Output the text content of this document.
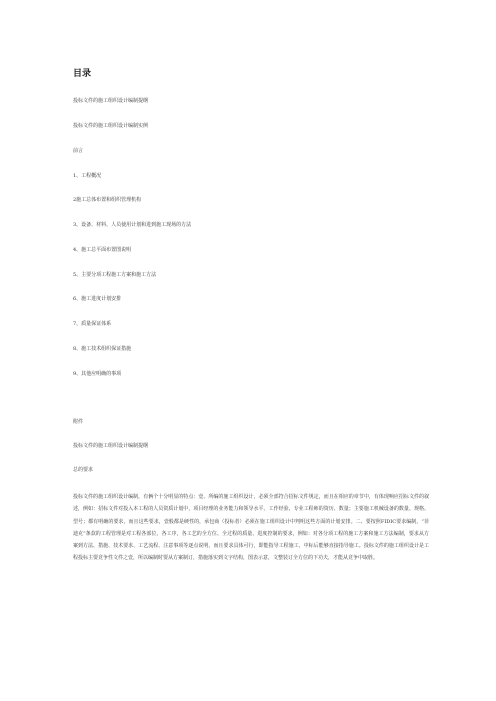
目录
投标文件的施工组织设计编制提纲
投标文件的施工组织设计编制实例
前言
1、工程概况
2施工总体布置和组织管理机构
3、设备、材料、人员使用计划和进到施工现场的方法
4、施工总平面布置图说明
5、主要分项工程施工方案和施工方法
6、施工进度计划安排
7、质量保证体系
8、施工技术组织保证措施
9、其他应明确的事项
附件
投标文件的施工组织设计编制提纲
总的要求
投标文件的施工组织设计编制，有俩个十分明显的特点：壹、所编的施工组织设计，必须全部符合招标文件规定，而且在相应的章节中，有体现响应招标文件的叙述，例如：招标文件对投入本工程的人员资质计划中，项目经理的业务能力和领导水平、工作经验、专业工程师的资历、数量；主要施工机械设备的数量、规格、型号；都有明确的要求，而且这些要求，壹般都是硬性的，承包商（投标者）必须在施工组织设计中判明这些方面的计划安排。二、要按照FIDIC要求编制，“菲迪克”条款的工程管理是对工程各部位，各工序，各工艺的全方位、全过程的质量、进度控制的要求，例如：对各分项工程的施工方案和施工方法编制，要求从方案到方法、措施、技术要求、工艺流程、注意事项等逐点说明，而且要求具体可行，即能指导工程施工，中标后能够直接指导施工。投标文件的施工组织设计是工程投标主要竞争性文件之壹，所以编制时要从方案制订，措施落实到文字结构，图表示意，文整装订全方位的下功夫，才能从竞争中取胜。
